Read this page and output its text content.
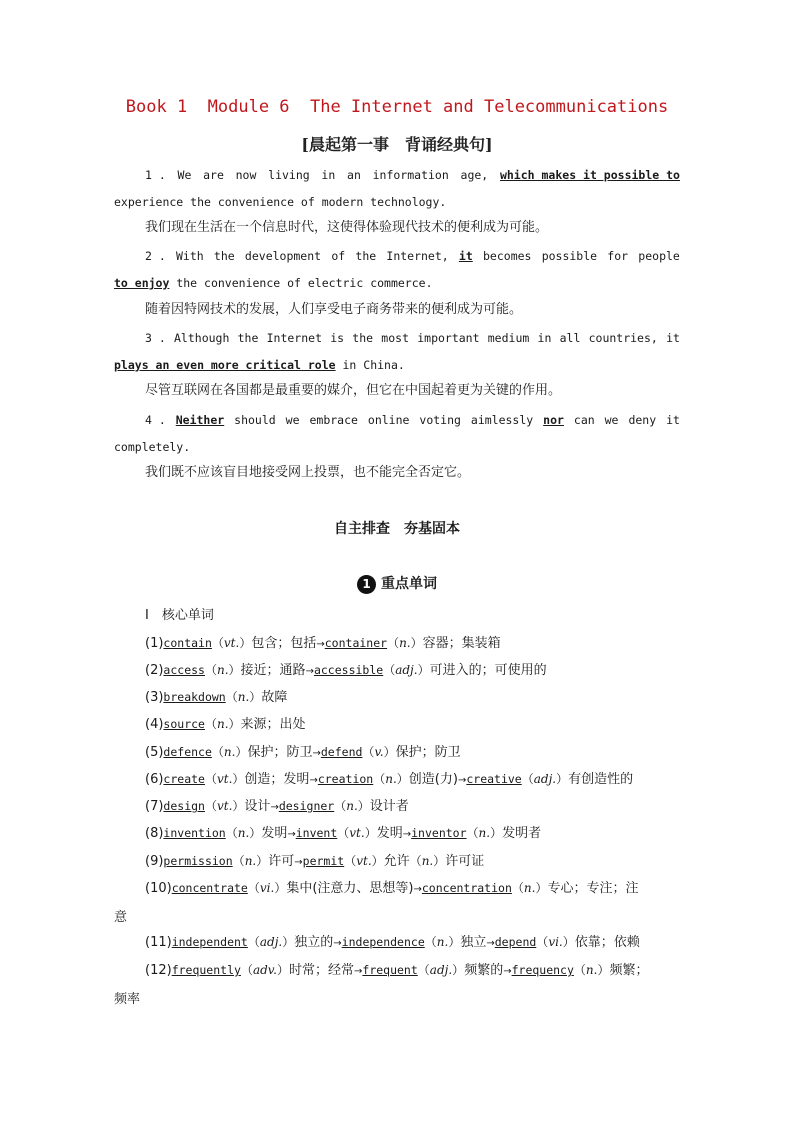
Book 1  Module 6  The Internet and Telecommunications
[晨起第一事　背诵经典句]
1 . We are now living in an information age, which makes it possible to
experience the convenience of modern technology.
我们现在生活在一个信息时代，这使得体验现代技术的便利成为可能。
2 . With the development of the Internet, it becomes possible for people
to enjoy the convenience of electric commerce.
随着因特网技术的发展，人们享受电子商务带来的便利成为可能。
3 . Although the Internet is the most important medium in all countries, it
plays an even more critical role in China.
尽管互联网在各国都是最重要的媒介，但它在中国起着更为关键的作用。
4 . Neither should we embrace online voting aimlessly nor can we deny it
completely.
我们既不应该盲目地接受网上投票，也不能完全否定它。
自主排查　夯基固本
1 重点单词
Ⅰ　核心单词
(1)contain（vt.）包含；包括→container（n.）容器；集装箱
(2)access（n.）接近；通路→accessible（adj.）可进入的；可使用的
(3)breakdown（n.）故障
(4)source（n.）来源；出处
(5)defence（n.）保护；防卫→defend（v.）保护；防卫
(6)create（vt.）创造；发明→creation（n.）创造(力)→creative（adj.）有创造性的
(7)design（vt.）设计→designer（n.）设计者
(8)invention（n.）发明→invent（vt.）发明→inventor（n.）发明者
(9)permission（n.）许可→permit（vt.）允许（n.）许可证
(10)concentrate（vi.）集中(注意力、思想等)→concentration（n.）专心；专注；注
意
(11)independent（adj.）独立的→independence（n.）独立→depend（vi.）依靠；依赖
(12)frequently（adv.）时常；经常→frequent（adj.）频繁的→frequency（n.）频繁；
频率
